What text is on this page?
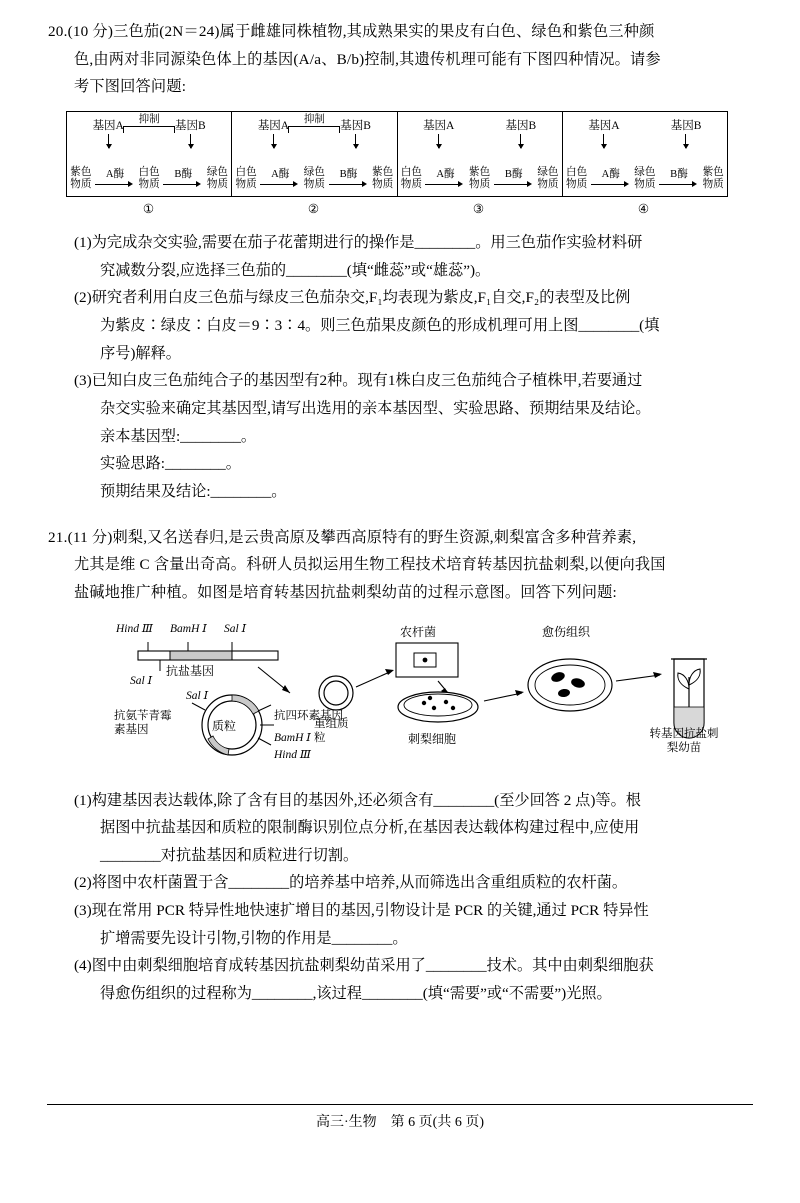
20.(10 分)三色茄(2N＝24)属于雌雄同株植物,其成熟果实的果皮有白色、绿色和紫色三种颜
色,由两对非同源染色体上的基因(A/a、B/b)控制,其遗传机理可能有下图四种情况。请参
考下图回答问题:
抑制
基因A	基因B
紫色
物质
A酶	白色
物质
B酶	绿色
物质
抑制
基因A	基因B
白色
物质
A酶	绿色
物质
B酶	紫色
物质
基因A	基因B
白色
物质
A酶	紫色
物质
B酶	绿色
物质
基因A	基因B
白色
物质
A酶	绿色
物质
B酶	紫色
物质
①	②	③	④
(1)为完成杂交实验,需要在茄子花蕾期进行的操作是________。用三色茄作实验材料研
究减数分裂,应选择三色茄的________(填“雌蕊”或“雄蕊”)。
(2)研究者利用白皮三色茄与绿皮三色茄杂交,F₁均表现为紫皮,F₁自交,F₂的表型及比例
为紫皮∶绿皮∶白皮＝9∶3∶4。则三色茄果皮颜色的形成机理可用上图________(填
序号)解释。
(3)已知白皮三色茄纯合子的基因型有2种。现有1株白皮三色茄纯合子植株甲,若要通过
杂交实验来确定其基因型,请写出选用的亲本基因型、实验思路、预期结果及结论。
亲本基因型:________。
实验思路:________。
预期结果及结论:________。
21.(11 分)刺梨,又名送春归,是云贵高原及攀西高原特有的野生资源,刺梨富含多种营养素,
尤其是维 C 含量出奇高。科研人员拟运用生物工程技术培育转基因抗盐刺梨,以便向我国
盐碱地推广种植。如图是培育转基因抗盐刺梨幼苗的过程示意图。回答下列问题:
Hind Ⅲ BamH Ⅰ Sal Ⅰ
抗盐基因
Sal Ⅰ
Sal Ⅰ
BamH Ⅰ
Hind Ⅲ
抗四环素基因
抗氨苄青霉素基因	质粒	重组质粒
农杆菌
刺梨细胞
愈伤组织
转基因抗盐刺梨幼苗
(1)构建基因表达载体,除了含有目的基因外,还必须含有________(至少回答 2 点)等。根
据图中抗盐基因和质粒的限制酶识别位点分析,在基因表达载体构建过程中,应使用
________对抗盐基因和质粒进行切割。
(2)将图中农杆菌置于含________的培养基中培养,从而筛选出含重组质粒的农杆菌。
(3)现在常用 PCR 特异性地快速扩增目的基因,引物设计是 PCR 的关键,通过 PCR 特异性
扩增需要先设计引物,引物的作用是________。
(4)图中由刺梨细胞培育成转基因抗盐刺梨幼苗采用了________技术。其中由刺梨细胞获
得愈伤组织的过程称为________,该过程________(填“需要”或“不需要”)光照。
高三·生物　第 6 页(共 6 页)
